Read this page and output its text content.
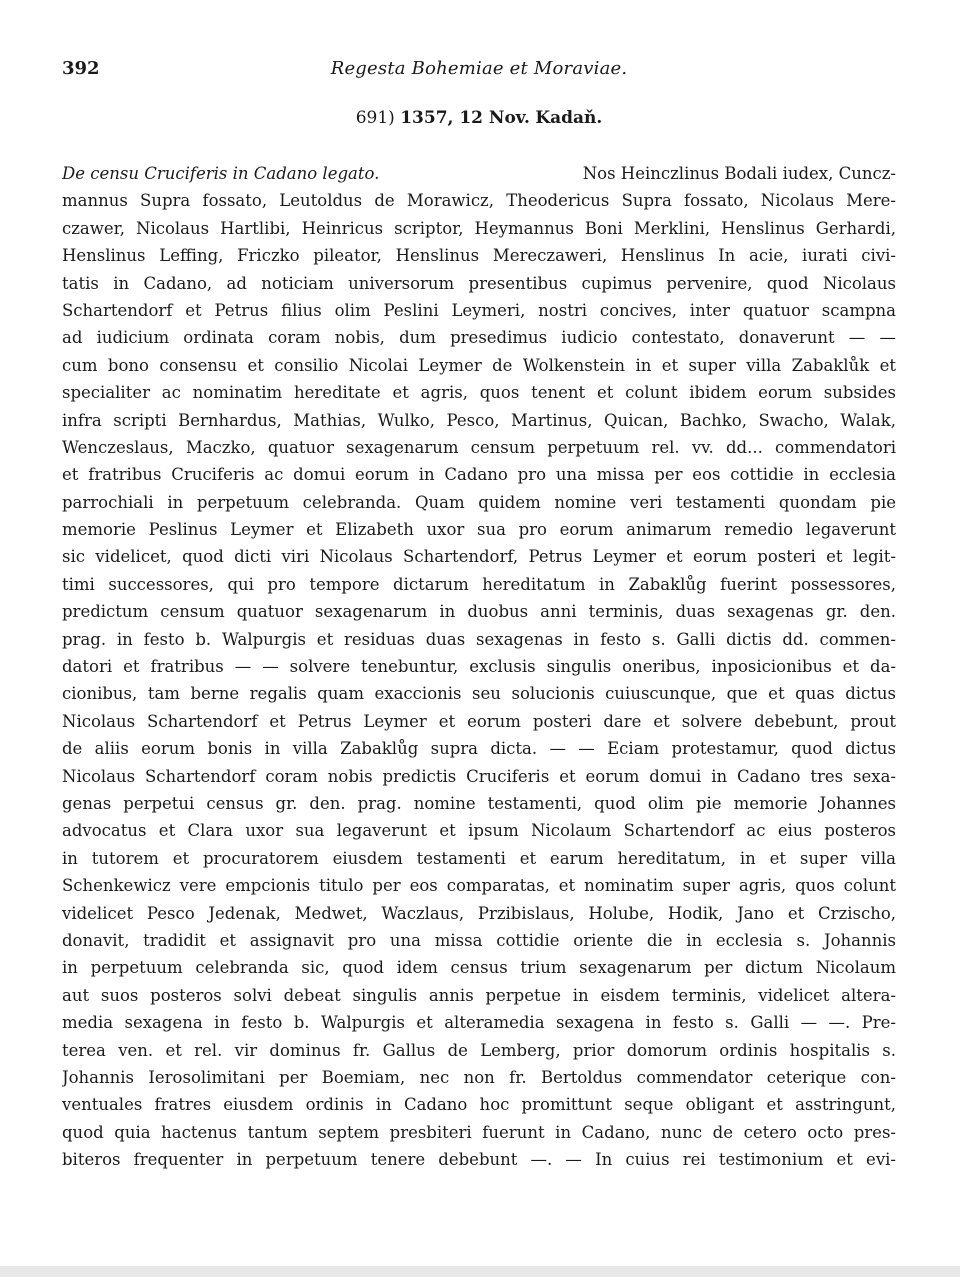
392	Regesta Bohemiae et Moraviae.
691) 1357, 12 Nov. Kadaň.
De censu Cruciferis in Cadano legato.	Nos Heinczlinus Bodali iudex, Cuncz-
mannus Supra fossato, Leutoldus de Morawicz, Theodericus Supra fossato, Nicolaus Mere-
czawer, Nicolaus Hartlibi, Heinricus scriptor, Heymannus Boni Merklini, Henslinus Gerhardi,
Henslinus Leffing, Friczko pileator, Henslinus Mereczaweri, Henslinus In acie, iurati civi-
tatis in Cadano, ad noticiam universorum presentibus cupimus pervenire, quod Nicolaus
Schartendorf et Petrus filius olim Peslini Leymeri, nostri concives, inter quatuor scampna
ad iudicium ordinata coram nobis, dum presedimus iudicio contestato, donaverunt — —
cum bono consensu et consilio Nicolai Leymer de Wolkenstein in et super villa Zabaklůk et
specialiter ac nominatim hereditate et agris, quos tenent et colunt ibidem eorum subsides
infra scripti Bernhardus, Mathias, Wulko, Pesco, Martinus, Quican, Bachko, Swacho, Walak,
Wenczeslaus, Maczko, quatuor sexagenarum censum perpetuum rel. vv. dd... commendatori
et fratribus Cruciferis ac domui eorum in Cadano pro una missa per eos cottidie in ecclesia
parrochiali in perpetuum celebranda. Quam quidem nomine veri testamenti quondam pie
memorie Peslinus Leymer et Elizabeth uxor sua pro eorum animarum remedio legaverunt
sic videlicet, quod dicti viri Nicolaus Schartendorf, Petrus Leymer et eorum posteri et legit-
timi successores, qui pro tempore dictarum hereditatum in Zabaklůg fuerint possessores,
predictum censum quatuor sexagenarum in duobus anni terminis, duas sexagenas gr. den.
prag. in festo b. Walpurgis et residuas duas sexagenas in festo s. Galli dictis dd. commen-
datori et fratribus — — solvere tenebuntur, exclusis singulis oneribus, inposicionibus et da-
cionibus, tam berne regalis quam exaccionis seu solucionis cuiuscunque, que et quas dictus
Nicolaus Schartendorf et Petrus Leymer et eorum posteri dare et solvere debebunt, prout
de aliis eorum bonis in villa Zabaklůg supra dicta. — — Eciam protestamur, quod dictus
Nicolaus Schartendorf coram nobis predictis Cruciferis et eorum domui in Cadano tres sexa-
genas perpetui census gr. den. prag. nomine testamenti, quod olim pie memorie Johannes
advocatus et Clara uxor sua legaverunt et ipsum Nicolaum Schartendorf ac eius posteros
in tutorem et procuratorem eiusdem testamenti et earum hereditatum, in et super villa
Schenkewicz vere empcionis titulo per eos comparatas, et nominatim super agris, quos colunt
videlicet Pesco Jedenak, Medwet, Waczlaus, Przibislaus, Holube, Hodik, Jano et Crzischo,
donavit, tradidit et assignavit pro una missa cottidie oriente die in ecclesia s. Johannis
in perpetuum celebranda sic, quod idem census trium sexagenarum per dictum Nicolaum
aut suos posteros solvi debeat singulis annis perpetue in eisdem terminis, videlicet altera-
media sexagena in festo b. Walpurgis et alteramedia sexagena in festo s. Galli — —. Pre-
terea ven. et rel. vir dominus fr. Gallus de Lemberg, prior domorum ordinis hospitalis s.
Johannis Ierosolimitani per Boemiam, nec non fr. Bertoldus commendator ceterique con-
ventuales fratres eiusdem ordinis in Cadano hoc promittunt seque obligant et asstringunt,
quod quia hactenus tantum septem presbiteri fuerunt in Cadano, nunc de cetero octo pres-
biteros frequenter in perpetuum tenere debebunt —. — In cuius rei testimonium et evi-
